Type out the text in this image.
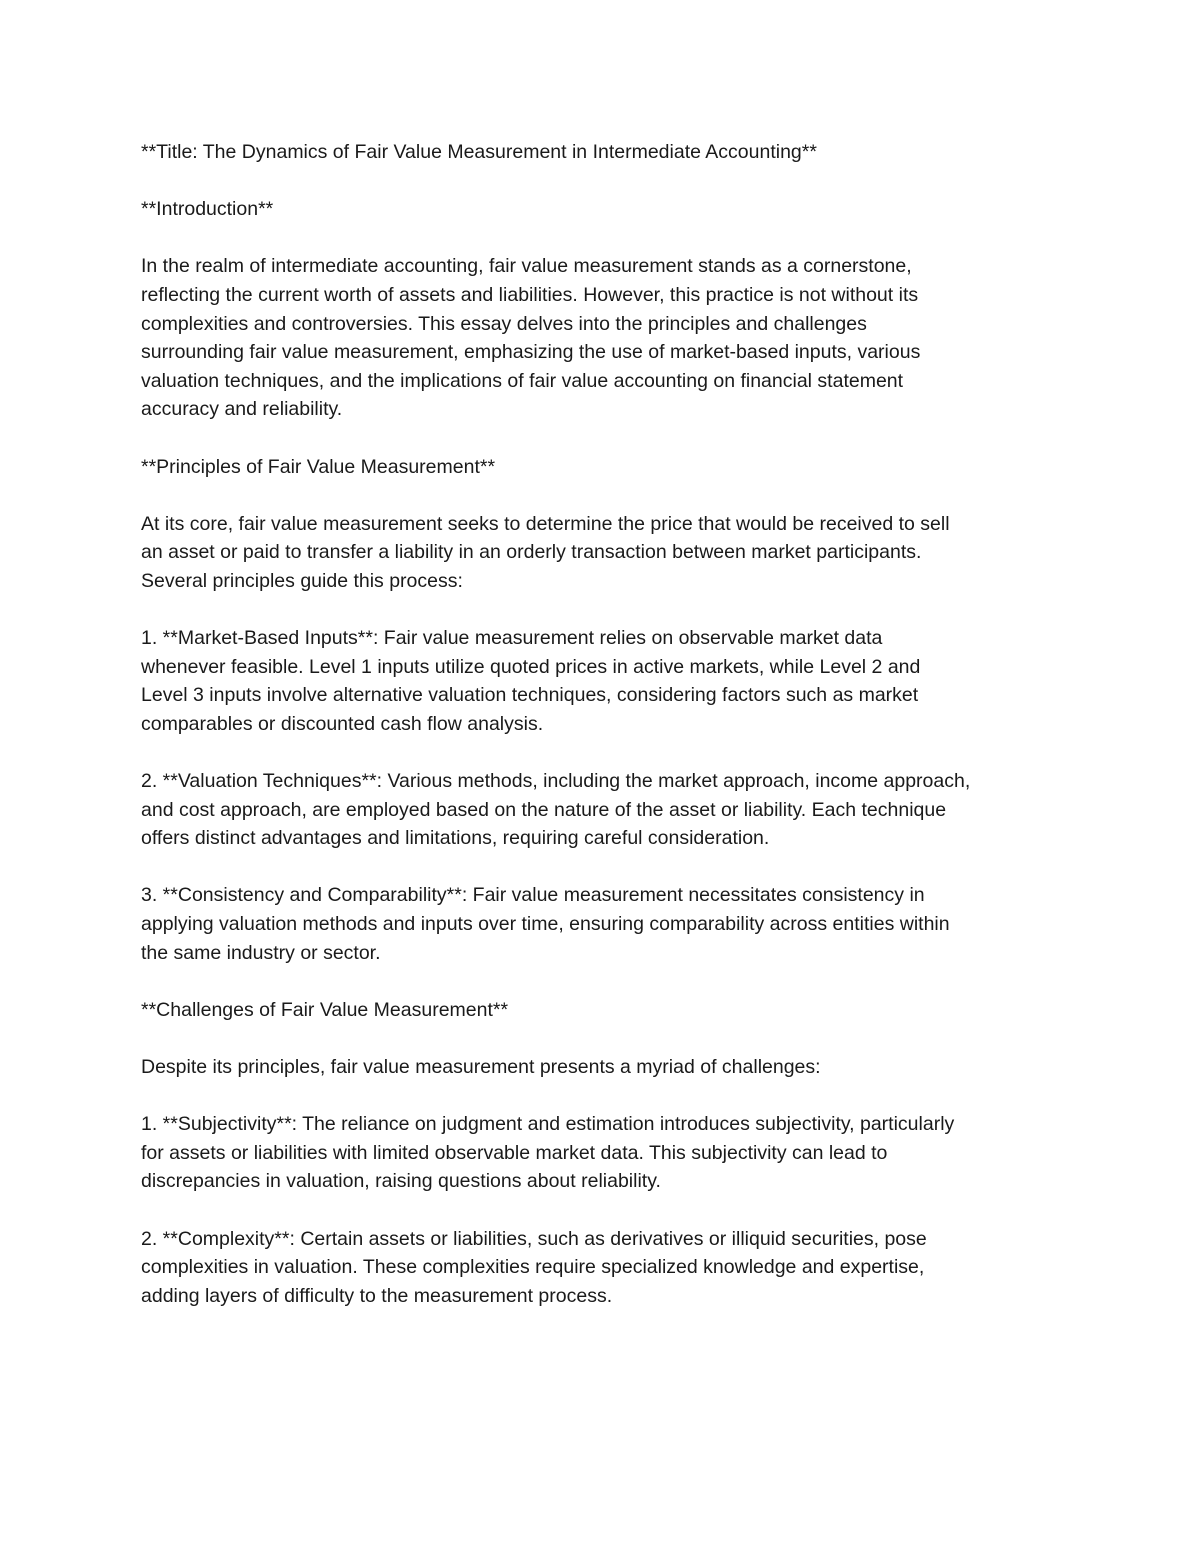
**Title: The Dynamics of Fair Value Measurement in Intermediate Accounting**

**Introduction**

In the realm of intermediate accounting, fair value measurement stands as a cornerstone,
reflecting the current worth of assets and liabilities. However, this practice is not without its
complexities and controversies. This essay delves into the principles and challenges
surrounding fair value measurement, emphasizing the use of market-based inputs, various
valuation techniques, and the implications of fair value accounting on financial statement
accuracy and reliability.

**Principles of Fair Value Measurement**

At its core, fair value measurement seeks to determine the price that would be received to sell
an asset or paid to transfer a liability in an orderly transaction between market participants.
Several principles guide this process:

1. **Market-Based Inputs**: Fair value measurement relies on observable market data
whenever feasible. Level 1 inputs utilize quoted prices in active markets, while Level 2 and
Level 3 inputs involve alternative valuation techniques, considering factors such as market
comparables or discounted cash flow analysis.

2. **Valuation Techniques**: Various methods, including the market approach, income approach,
and cost approach, are employed based on the nature of the asset or liability. Each technique
offers distinct advantages and limitations, requiring careful consideration.

3. **Consistency and Comparability**: Fair value measurement necessitates consistency in
applying valuation methods and inputs over time, ensuring comparability across entities within
the same industry or sector.

**Challenges of Fair Value Measurement**

Despite its principles, fair value measurement presents a myriad of challenges:

1. **Subjectivity**: The reliance on judgment and estimation introduces subjectivity, particularly
for assets or liabilities with limited observable market data. This subjectivity can lead to
discrepancies in valuation, raising questions about reliability.

2. **Complexity**: Certain assets or liabilities, such as derivatives or illiquid securities, pose
complexities in valuation. These complexities require specialized knowledge and expertise,
adding layers of difficulty to the measurement process.
